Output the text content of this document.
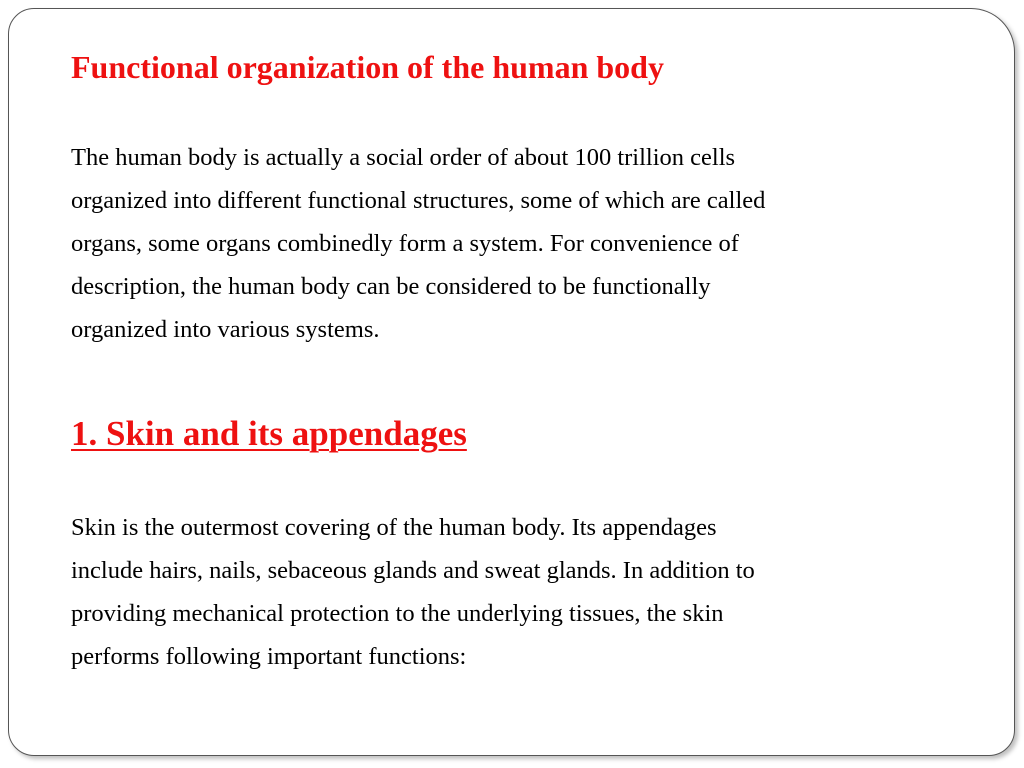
Functional organization of the human body

The human body is actually a social order of about 100 trillion cells
organized into different functional structures, some of which are called
organs, some organs combinedly form a system. For convenience of
description, the human body can be considered to be functionally
organized into various systems.

1. Skin and its appendages

Skin is the outermost covering of the human body. Its appendages
include hairs, nails, sebaceous glands and sweat glands. In addition to
providing mechanical protection to the underlying tissues, the skin
performs following important functions:
